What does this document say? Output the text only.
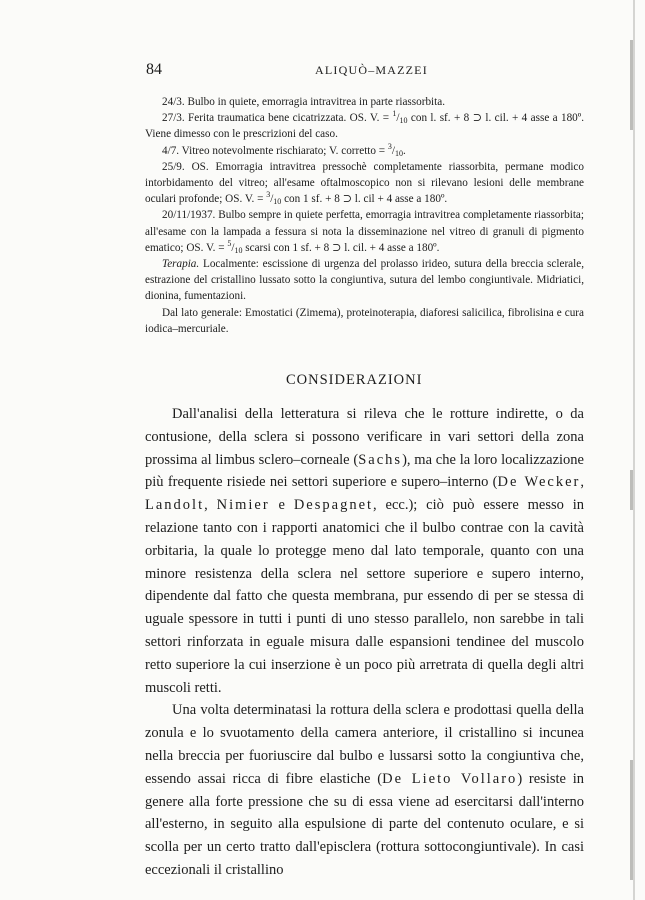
84	ALIQUÒ–MAZZEI

24/3. Bulbo in quiete, emorragia intravitrea in parte riassorbita.

27/3. Ferita traumatica bene cicatrizzata. OS. V. = $^1/_{10}$ con l. sf. + 8 ⊃ l. cil. + 4 asse a 180º. Viene dimesso con le prescrizioni del caso.

4/7. Vitreo notevolmente rischiarato; V. corretto = $^3/_{10}$.

25/9. OS. Emorragia intravitrea pressochè completamente riassorbita, permane modico intorbidamento del vitreo; all'esame oftalmoscopico non si rilevano lesioni delle membrane oculari profonde; OS. V. = $^3/_{10}$ con 1 sf. + 8 ⊃ l. cil + 4 asse a 180º.

20/11/1937. Bulbo sempre in quiete perfetta, emorragia intravitrea completamente riassorbita; all'esame con la lampada a fessura si nota la disseminazione nel vitreo di granuli di pigmento ematico; OS. V. = $^5/_{10}$ scarsi con 1 sf. + 8 ⊃ l. cil. + 4 asse a 180º.

Terapia. Localmente: escissione di urgenza del prolasso irideo, sutura della breccia sclerale, estrazione del cristallino lussato sotto la congiuntiva, sutura del lembo congiuntivale. Midriatici, dionina, fumentazioni.

Dal lato generale: Emostatici (Zimema), proteinoterapia, diaforesi salicilica, fibrolisina e cura iodica–mercuriale.

CONSIDERAZIONI

Dall'analisi della letteratura si rileva che le rotture indirette, o da contusione, della sclera si possono verificare in vari settori della zona prossima al limbus sclero–corneale (Sachs), ma che la loro localizzazione più frequente risiede nei settori superiore e supero–interno (De Wecker, Landolt, Nimier e Despagnet, ecc.); ciò può essere messo in relazione tanto con i rapporti anatomici che il bulbo contrae con la cavità orbitaria, la quale lo protegge meno dal lato temporale, quanto con una minore resistenza della sclera nel settore superiore e supero interno, dipendente dal fatto che questa membrana, pur essendo di per se stessa di uguale spessore in tutti i punti di uno stesso parallelo, non sarebbe in tali settori rinforzata in eguale misura dalle espansioni tendinee del muscolo retto superiore la cui inserzione è un poco più arretrata di quella degli altri muscoli retti.

Una volta determinatasi la rottura della sclera e prodottasi quella della zonula e lo svuotamento della camera anteriore, il cristallino si incunea nella breccia per fuoriuscire dal bulbo e lussarsi sotto la congiuntiva che, essendo assai ricca di fibre elastiche (De Lieto Vollaro) resiste in genere alla forte pressione che su di essa viene ad esercitarsi dall'interno all'esterno, in seguito alla espulsione di parte del contenuto oculare, e si scolla per un certo tratto dall'episclera (rottura sottocongiuntivale). In casi eccezionali il cristallino
